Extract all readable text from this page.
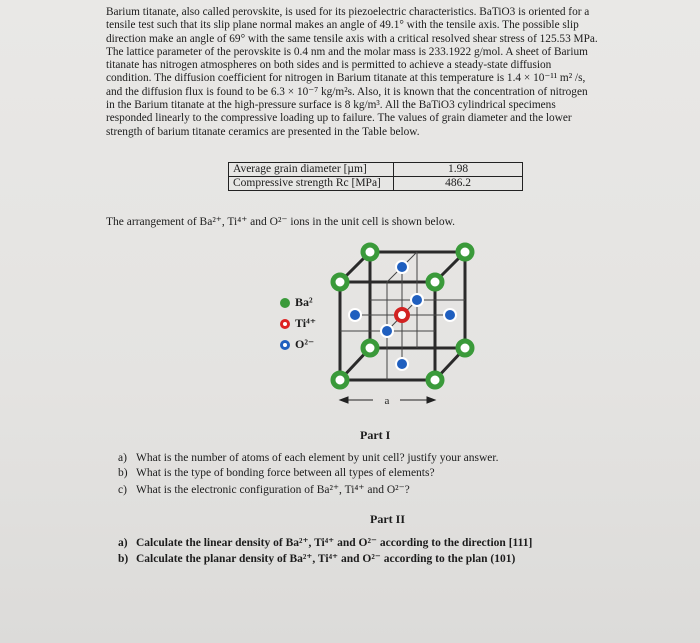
Barium titanate, also called perovskite, is used for its piezoelectric characteristics. BaTiO3 is oriented for a
tensile test such that its slip plane normal makes an angle of 49.1° with the tensile axis. The possible slip
direction make an angle of 69° with the same tensile axis with a critical resolved shear stress of 125.53 MPa.
The lattice parameter of the perovskite is 0.4 nm and the molar mass is 233.1922 g/mol. A sheet of Barium
titanate has nitrogen atmospheres on both sides and is permitted to achieve a steady-state diffusion
condition. The diffusion coefficient for nitrogen in Barium titanate at this temperature is 1.4 × 10⁻¹¹ m² /s,
and the diffusion flux is found to be 6.3 × 10⁻⁷ kg/m²s. Also, it is known that the concentration of nitrogen
in the Barium titanate at the high-pressure surface is 8 kg/m³. All the BaTiO3 cylindrical specimens
responded linearly to the compressive loading up to failure. The values of grain diameter and the lower
strength of barium titanate ceramics are presented in the Table below.
Average grain diameter [µm]	1.98
Compressive strength Rc [MPa]	486.2
The arrangement of Ba²⁺, Ti⁴⁺ and O²⁻ ions in the unit cell is shown below.
Ba²
Ti⁴⁺
O²⁻
a
Part I
a) What is the number of atoms of each element by unit cell? justify your answer.
b) What is the type of bonding force between all types of elements?
c) What is the electronic configuration of Ba²⁺, Ti⁴⁺ and O²⁻?
Part II
a) Calculate the linear density of Ba²⁺, Ti⁴⁺ and O²⁻ according to the direction [111]
b) Calculate the planar density of Ba²⁺, Ti⁴⁺ and O²⁻ according to the plan (101)
